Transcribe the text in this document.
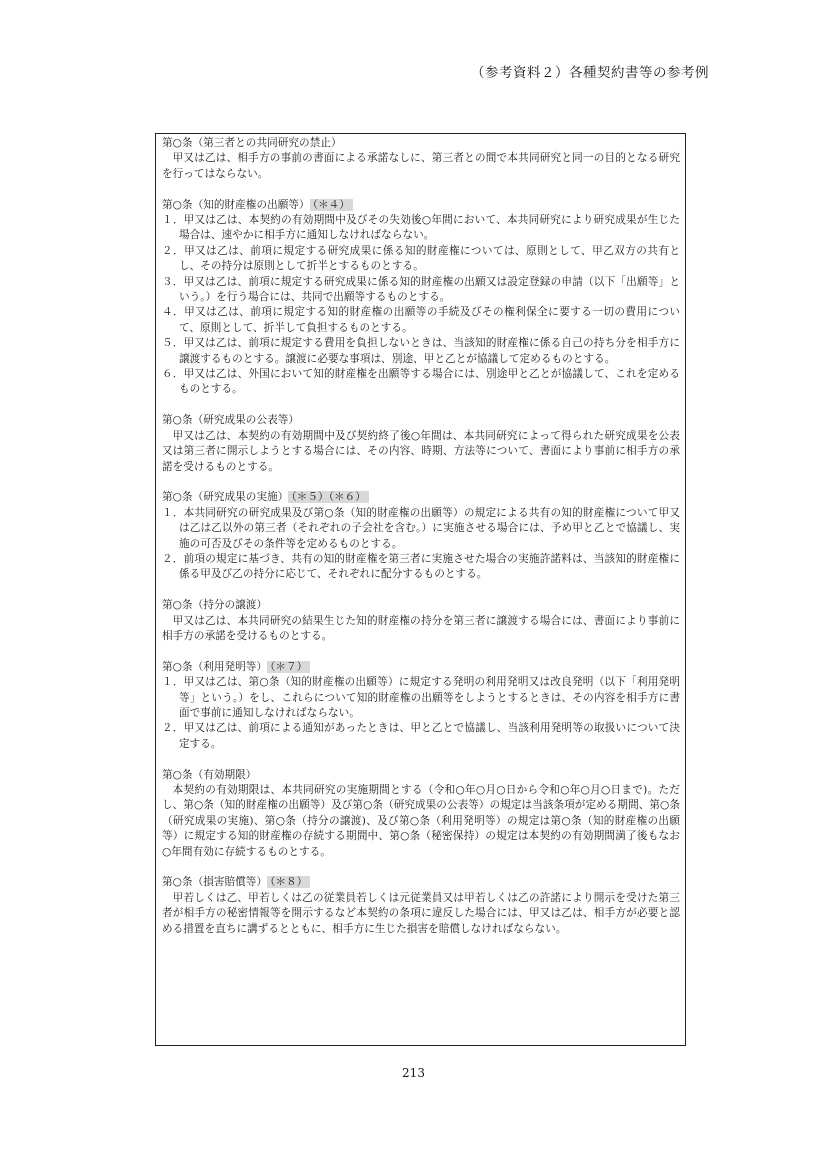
（参考資料２）各種契約書等の参考例
第○条（第三者との共同研究の禁止）
甲又は乙は、相手方の事前の書面による承諾なしに、第三者との間で本共同研究と同一の目的となる研究を行ってはならない。
第○条（知的財産権の出願等） （＊４）
１．甲又は乙は、本契約の有効期間中及びその失効後○年間において、本共同研究により研究成果が生じた場合は、速やかに相手方に通知しなければならない。
２．甲又は乙は、前項に規定する研究成果に係る知的財産権については、原則として、甲乙双方の共有とし、その持分は原則として折半とするものとする。
３．甲又は乙は、前項に規定する研究成果に係る知的財産権の出願又は設定登録の申請（以下「出願等」という。）を行う場合には、共同で出願等するものとする。
４．甲又は乙は、前項に規定する知的財産権の出願等の手続及びその権利保全に要する一切の費用について、原則として、折半して負担するものとする。
５．甲又は乙は、前項に規定する費用を負担しないときは、当該知的財産権に係る自己の持ち分を相手方に譲渡するものとする。譲渡に必要な事項は、別途、甲と乙とが協議して定めるものとする。
６．甲又は乙は、外国において知的財産権を出願等する場合には、別途甲と乙とが協議して、これを定めるものとする。
第○条（研究成果の公表等）
甲又は乙は、本契約の有効期間中及び契約終了後○年間は、本共同研究によって得られた研究成果を公表又は第三者に開示しようとする場合には、その内容、時期、方法等について、書面により事前に相手方の承諾を受けるものとする。
第○条（研究成果の実施） （＊５）（＊６）
１．本共同研究の研究成果及び第○条（知的財産権の出願等）の規定による共有の知的財産権について甲又は乙は乙以外の第三者（それぞれの子会社を含む。）に実施させる場合には、予め甲と乙とで協議し、実施の可否及びその条件等を定めるものとする。
２．前項の規定に基づき、共有の知的財産権を第三者に実施させた場合の実施許諾料は、当該知的財産権に係る甲及び乙の持分に応じて、それぞれに配分するものとする。
第○条（持分の譲渡）
甲又は乙は、本共同研究の結果生じた知的財産権の持分を第三者に譲渡する場合には、書面により事前に相手方の承諾を受けるものとする。
第○条（利用発明等） （＊７）
１．甲又は乙は、第○条（知的財産権の出願等）に規定する発明の利用発明又は改良発明（以下「利用発明等」という。）をし、これらについて知的財産権の出願等をしようとするときは、その内容を相手方に書面で事前に通知しなければならない。
２．甲又は乙は、前項による通知があったときは、甲と乙とで協議し、当該利用発明等の取扱いについて決定する。
第○条（有効期限）
本契約の有効期限は、本共同研究の実施期間とする（令和○年○月○日から令和○年○月○日まで)。ただし、第○条（知的財産権の出願等）及び第○条（研究成果の公表等）の規定は当該条項が定める期間、第○条（研究成果の実施)、第○条（持分の譲渡)、及び第○条（利用発明等）の規定は第○条（知的財産権の出願等）に規定する知的財産権の存続する期間中、第○条（秘密保持）の規定は本契約の有効期間満了後もなお○年間有効に存続するものとする。
第○条（損害賠償等） （＊８）
甲若しくは乙、甲若しくは乙の従業員若しくは元従業員又は甲若しくは乙の許諾により開示を受けた第三者が相手方の秘密情報等を開示するなど本契約の条項に違反した場合には、甲又は乙は、相手方が必要と認める措置を直ちに講ずるとともに、相手方に生じた損害を賠償しなければならない。
213
